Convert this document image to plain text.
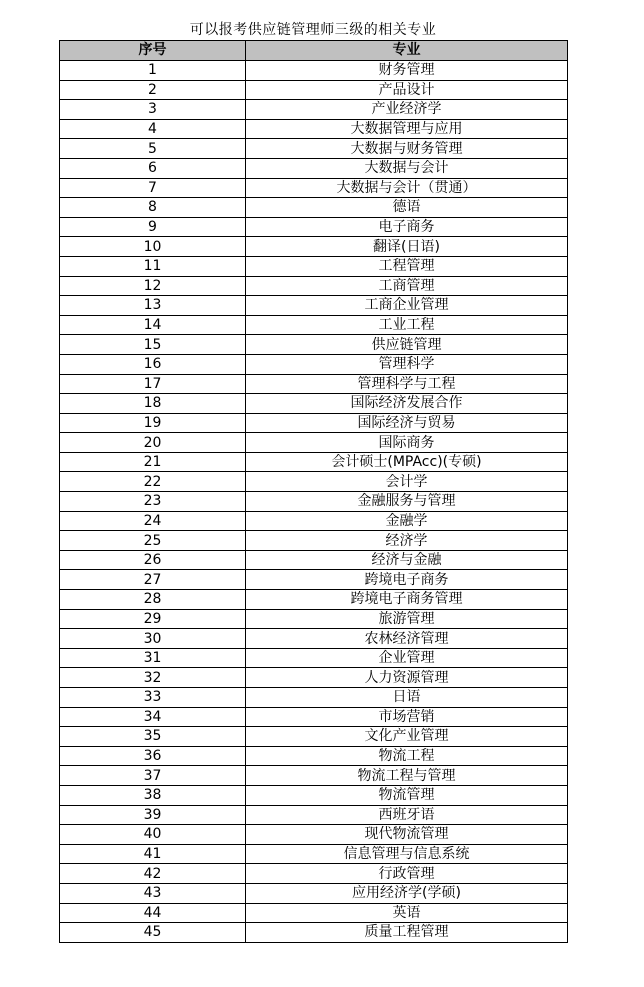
可以报考供应链管理师三级的相关专业
序号	专业
1	财务管理
2	产品设计
3	产业经济学
4	大数据管理与应用
5	大数据与财务管理
6	大数据与会计
7	大数据与会计（贯通）
8	德语
9	电子商务
10	翻译(日语)
11	工程管理
12	工商管理
13	工商企业管理
14	工业工程
15	供应链管理
16	管理科学
17	管理科学与工程
18	国际经济发展合作
19	国际经济与贸易
20	国际商务
21	会计硕士(MPAcc)(专硕)
22	会计学
23	金融服务与管理
24	金融学
25	经济学
26	经济与金融
27	跨境电子商务
28	跨境电子商务管理
29	旅游管理
30	农林经济管理
31	企业管理
32	人力资源管理
33	日语
34	市场营销
35	文化产业管理
36	物流工程
37	物流工程与管理
38	物流管理
39	西班牙语
40	现代物流管理
41	信息管理与信息系统
42	行政管理
43	应用经济学(学硕)
44	英语
45	质量工程管理
